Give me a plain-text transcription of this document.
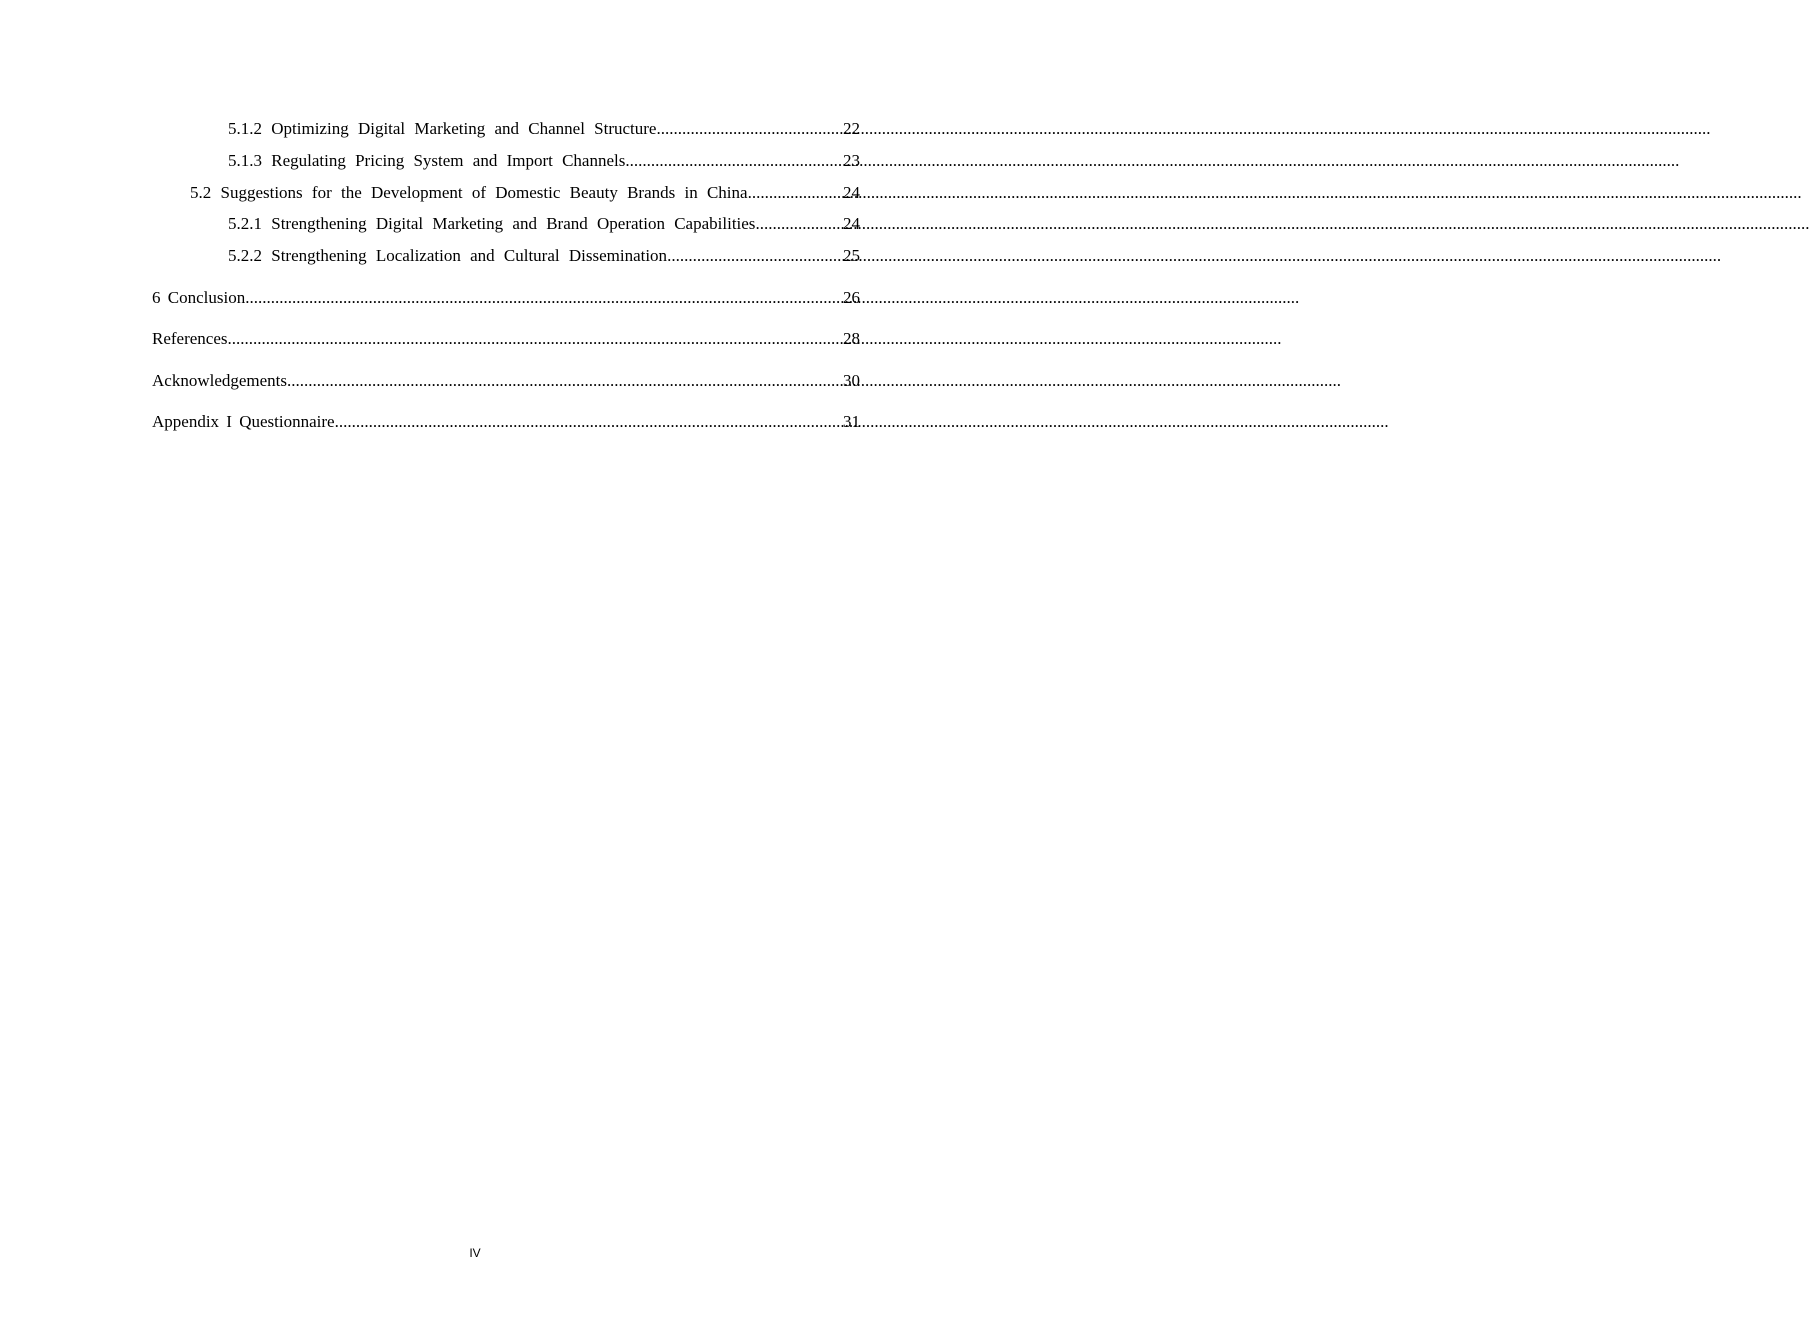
5.1.2 Optimizing Digital Marketing and Channel Structure .....	22
5.1.3 Regulating Pricing System and Import Channels .....	23
5.2 Suggestions for the Development of Domestic Beauty Brands in China .....	24
5.2.1 Strengthening Digital Marketing and Brand Operation Capabilities .....	24
5.2.2 Strengthening Localization and Cultural Dissemination .....	25
6 Conclusion .....	26
References .....	28
Acknowledgements .....	30
Appendix I Questionnaire .....	31
IV
